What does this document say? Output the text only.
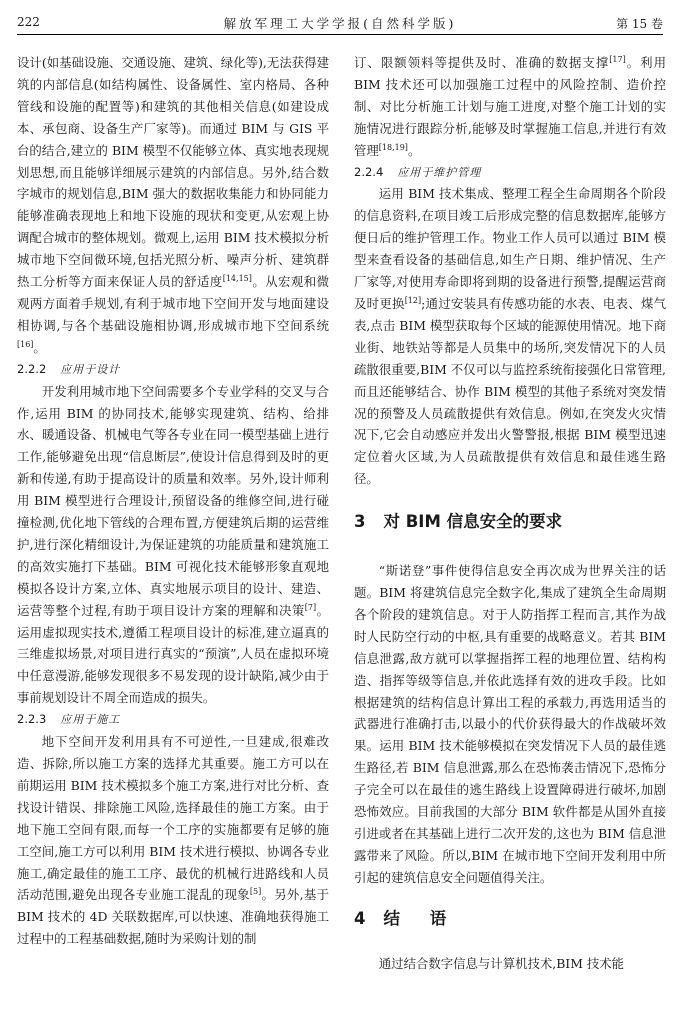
222	解放军理工大学学报(自然科学版)	第 15 卷

设计(如基础设施、交通设施、建筑、绿化等),无法获得建筑的内部信息(如结构属性、设备属性、室内格局、各种管线和设施的配置等)和建筑的其他相关信息(如建设成本、承包商、设备生产厂家等)。而通过 BIM 与 GIS 平台的结合,建立的 BIM 模型不仅能够立体、真实地表现规划思想,而且能够详细展示建筑的内部信息。另外,结合数字城市的规划信息,BIM 强大的数据收集能力和协同能力能够准确表现地上和地下设施的现状和变更,从宏观上协调配合城市的整体规划。微观上,运用 BIM 技术模拟分析城市地下空间微环境,包括光照分析、噪声分析、建筑群热工分析等方面来保证人员的舒适度[14,15]。从宏观和微观两方面着手规划,有利于城市地下空间开发与地面建设相协调,与各个基础设施相协调,形成城市地下空间系统[16]。

2.2.2 应用于设计

开发利用城市地下空间需要多个专业学科的交叉与合作,运用 BIM 的协同技术,能够实现建筑、结构、给排水、暖通设备、机械电气等各专业在同一模型基础上进行工作,能够避免出现“信息断层”,使设计信息得到及时的更新和传递,有助于提高设计的质量和效率。另外,设计师利用 BIM 模型进行合理设计,预留设备的维修空间,进行碰撞检测,优化地下管线的合理布置,方便建筑后期的运营维护,进行深化精细设计,为保证建筑的功能质量和建筑施工的高效实施打下基础。BIM 可视化技术能够形象直观地模拟各设计方案,立体、真实地展示项目的设计、建造、运营等整个过程,有助于项目设计方案的理解和决策[7]。运用虚拟现实技术,遵循工程项目设计的标准,建立逼真的三维虚拟场景,对项目进行真实的“预演”,人员在虚拟环境中任意漫游,能够发现很多不易发现的设计缺陷,减少由于事前规划设计不周全而造成的损失。

2.2.3 应用于施工

地下空间开发利用具有不可逆性,一旦建成,很难改造、拆除,所以施工方案的选择尤其重要。施工方可以在前期运用 BIM 技术模拟多个施工方案,进行对比分析、查找设计错误、排除施工风险,选择最佳的施工方案。由于地下施工空间有限,而每一个工序的实施都要有足够的施工空间,施工方可以利用 BIM 技术进行模拟、协调各专业施工,确定最佳的施工工序、最优的机械行进路线和人员活动范围,避免出现各专业施工混乱的现象[5]。另外,基于 BIM 技术的 4D 关联数据库,可以快速、准确地获得施工过程中的工程基础数据,随时为采购计划的制

订、限额领料等提供及时、准确的数据支撑[17]。利用 BIM 技术还可以加强施工过程中的风险控制、造价控制、对比分析施工计划与施工进度,对整个施工计划的实施情况进行跟踪分析,能够及时掌握施工信息,并进行有效管理[18,19]。

2.2.4 应用于维护管理

运用 BIM 技术集成、整理工程全生命周期各个阶段的信息资料,在项目竣工后形成完整的信息数据库,能够方便日后的维护管理工作。物业工作人员可以通过 BIM 模型来查看设备的基础信息,如生产日期、维护情况、生产厂家等,对使用寿命即将到期的设备进行预警,提醒运营商及时更换[12];通过安装具有传感功能的水表、电表、煤气表,点击 BIM 模型获取每个区域的能源使用情况。地下商业街、地铁站等都是人员集中的场所,突发情况下的人员疏散很重要,BIM 不仅可以与监控系统衔接强化日常管理,而且还能够结合、协作 BIM 模型的其他子系统对突发情况的预警及人员疏散提供有效信息。例如,在突发火灾情况下,它会自动感应并发出火警警报,根据 BIM 模型迅速定位着火区域,为人员疏散提供有效信息和最佳逃生路径。

3 对 BIM 信息安全的要求

“斯诺登”事件使得信息安全再次成为世界关注的话题。BIM 将建筑信息完全数字化,集成了建筑全生命周期各个阶段的建筑信息。对于人防指挥工程而言,其作为战时人民防空行动的中枢,具有重要的战略意义。若其 BIM 信息泄露,敌方就可以掌握指挥工程的地理位置、结构构造、指挥等级等信息,并依此选择有效的进攻手段。比如根据建筑的结构信息计算出工程的承载力,再选用适当的武器进行准确打击,以最小的代价获得最大的作战破坏效果。运用 BIM 技术能够模拟在突发情况下人员的最佳逃生路径,若 BIM 信息泄露,那么在恐怖袭击情况下,恐怖分子完全可以在最佳的逃生路线上设置障碍进行破坏,加剧恐怖效应。目前我国的大部分 BIM 软件都是从国外直接引进或者在其基础上进行二次开发的,这也为 BIM 信息泄露带来了风险。所以,BIM 在城市地下空间开发利用中所引起的建筑信息安全问题值得关注。

4 结 语

通过结合数字信息与计算机技术,BIM 技术能
